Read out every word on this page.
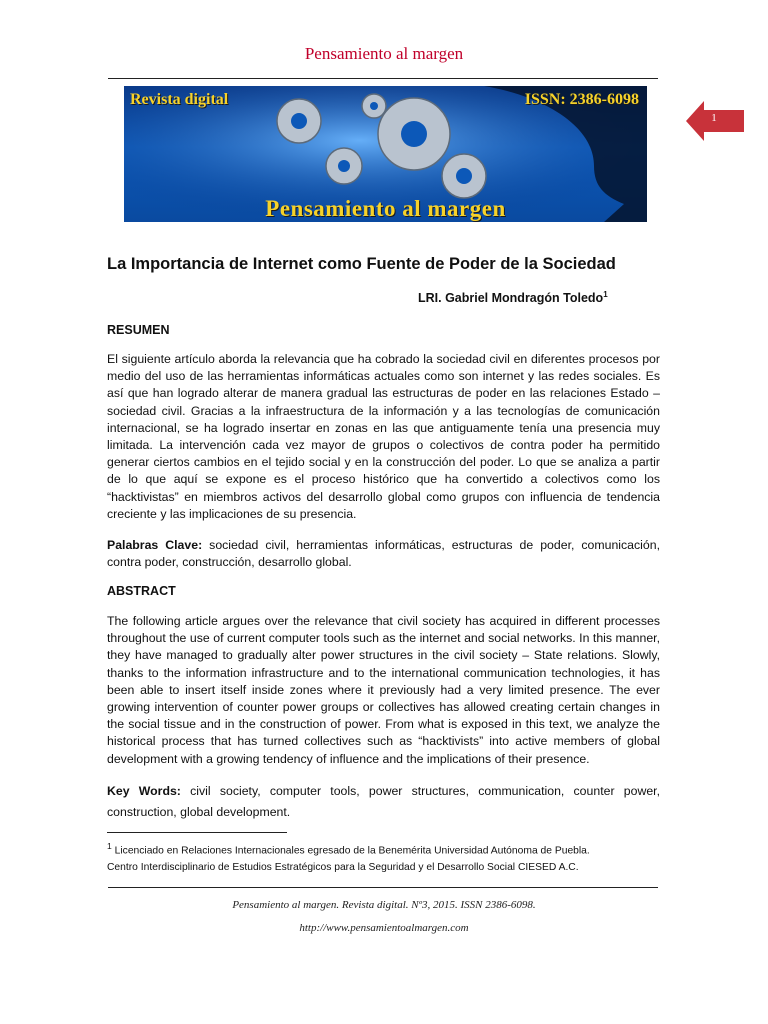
Pensamiento al margen
Revista digital	ISSN: 2386-6098
Pensamiento al margen
1
La Importancia de Internet como Fuente de Poder de la Sociedad
LRI. Gabriel Mondragón Toledo$^1$
RESUMEN
El siguiente artículo aborda la relevancia que ha cobrado la sociedad civil en diferentes procesos por medio del uso de las herramientas informáticas actuales como son internet y las redes sociales. Es así que han logrado alterar de manera gradual las estructuras de poder en las relaciones Estado – sociedad civil. Gracias a la infraestructura de la información y a las tecnologías de comunicación internacional, se ha logrado insertar en zonas en las que antiguamente tenía una presencia muy limitada. La intervención cada vez mayor de grupos o colectivos de contra poder ha permitido generar ciertos cambios en el tejido social y en la construcción del poder. Lo que se analiza a partir de lo que aquí se expone es el proceso histórico que ha convertido a colectivos como los “hacktivistas” en miembros activos del desarrollo global como grupos con influencia de tendencia creciente y las implicaciones de su presencia.
Palabras Clave: sociedad civil, herramientas informáticas, estructuras de poder, comunicación, contra poder, construcción, desarrollo global.
ABSTRACT
The following article argues over the relevance that civil society has acquired in different processes throughout the use of current computer tools such as the internet and social networks. In this manner, they have managed to gradually alter power structures in the civil society – State relations. Slowly, thanks to the information infrastructure and to the international communication technologies, it has been able to insert itself inside zones where it previously had a very limited presence. The ever growing intervention of counter power groups or collectives has allowed creating certain changes in the social tissue and in the construction of power. From what is exposed in this text, we analyze the historical process that has turned collectives such as “hacktivists” into active members of global development with a growing tendency of influence and the implications of their presence.
Key Words: civil society, computer tools, power structures, communication, counter power, construction, global development.
$^1$ Licenciado en Relaciones Internacionales egresado de la Benemérita Universidad Autónoma de Puebla.
Centro Interdisciplinario de Estudios Estratégicos para la Seguridad y el Desarrollo Social CIESED A.C.
Pensamiento al margen. Revista digital. Nº3, 2015. ISSN 2386-6098.
http://www.pensamientoalmargen.com
